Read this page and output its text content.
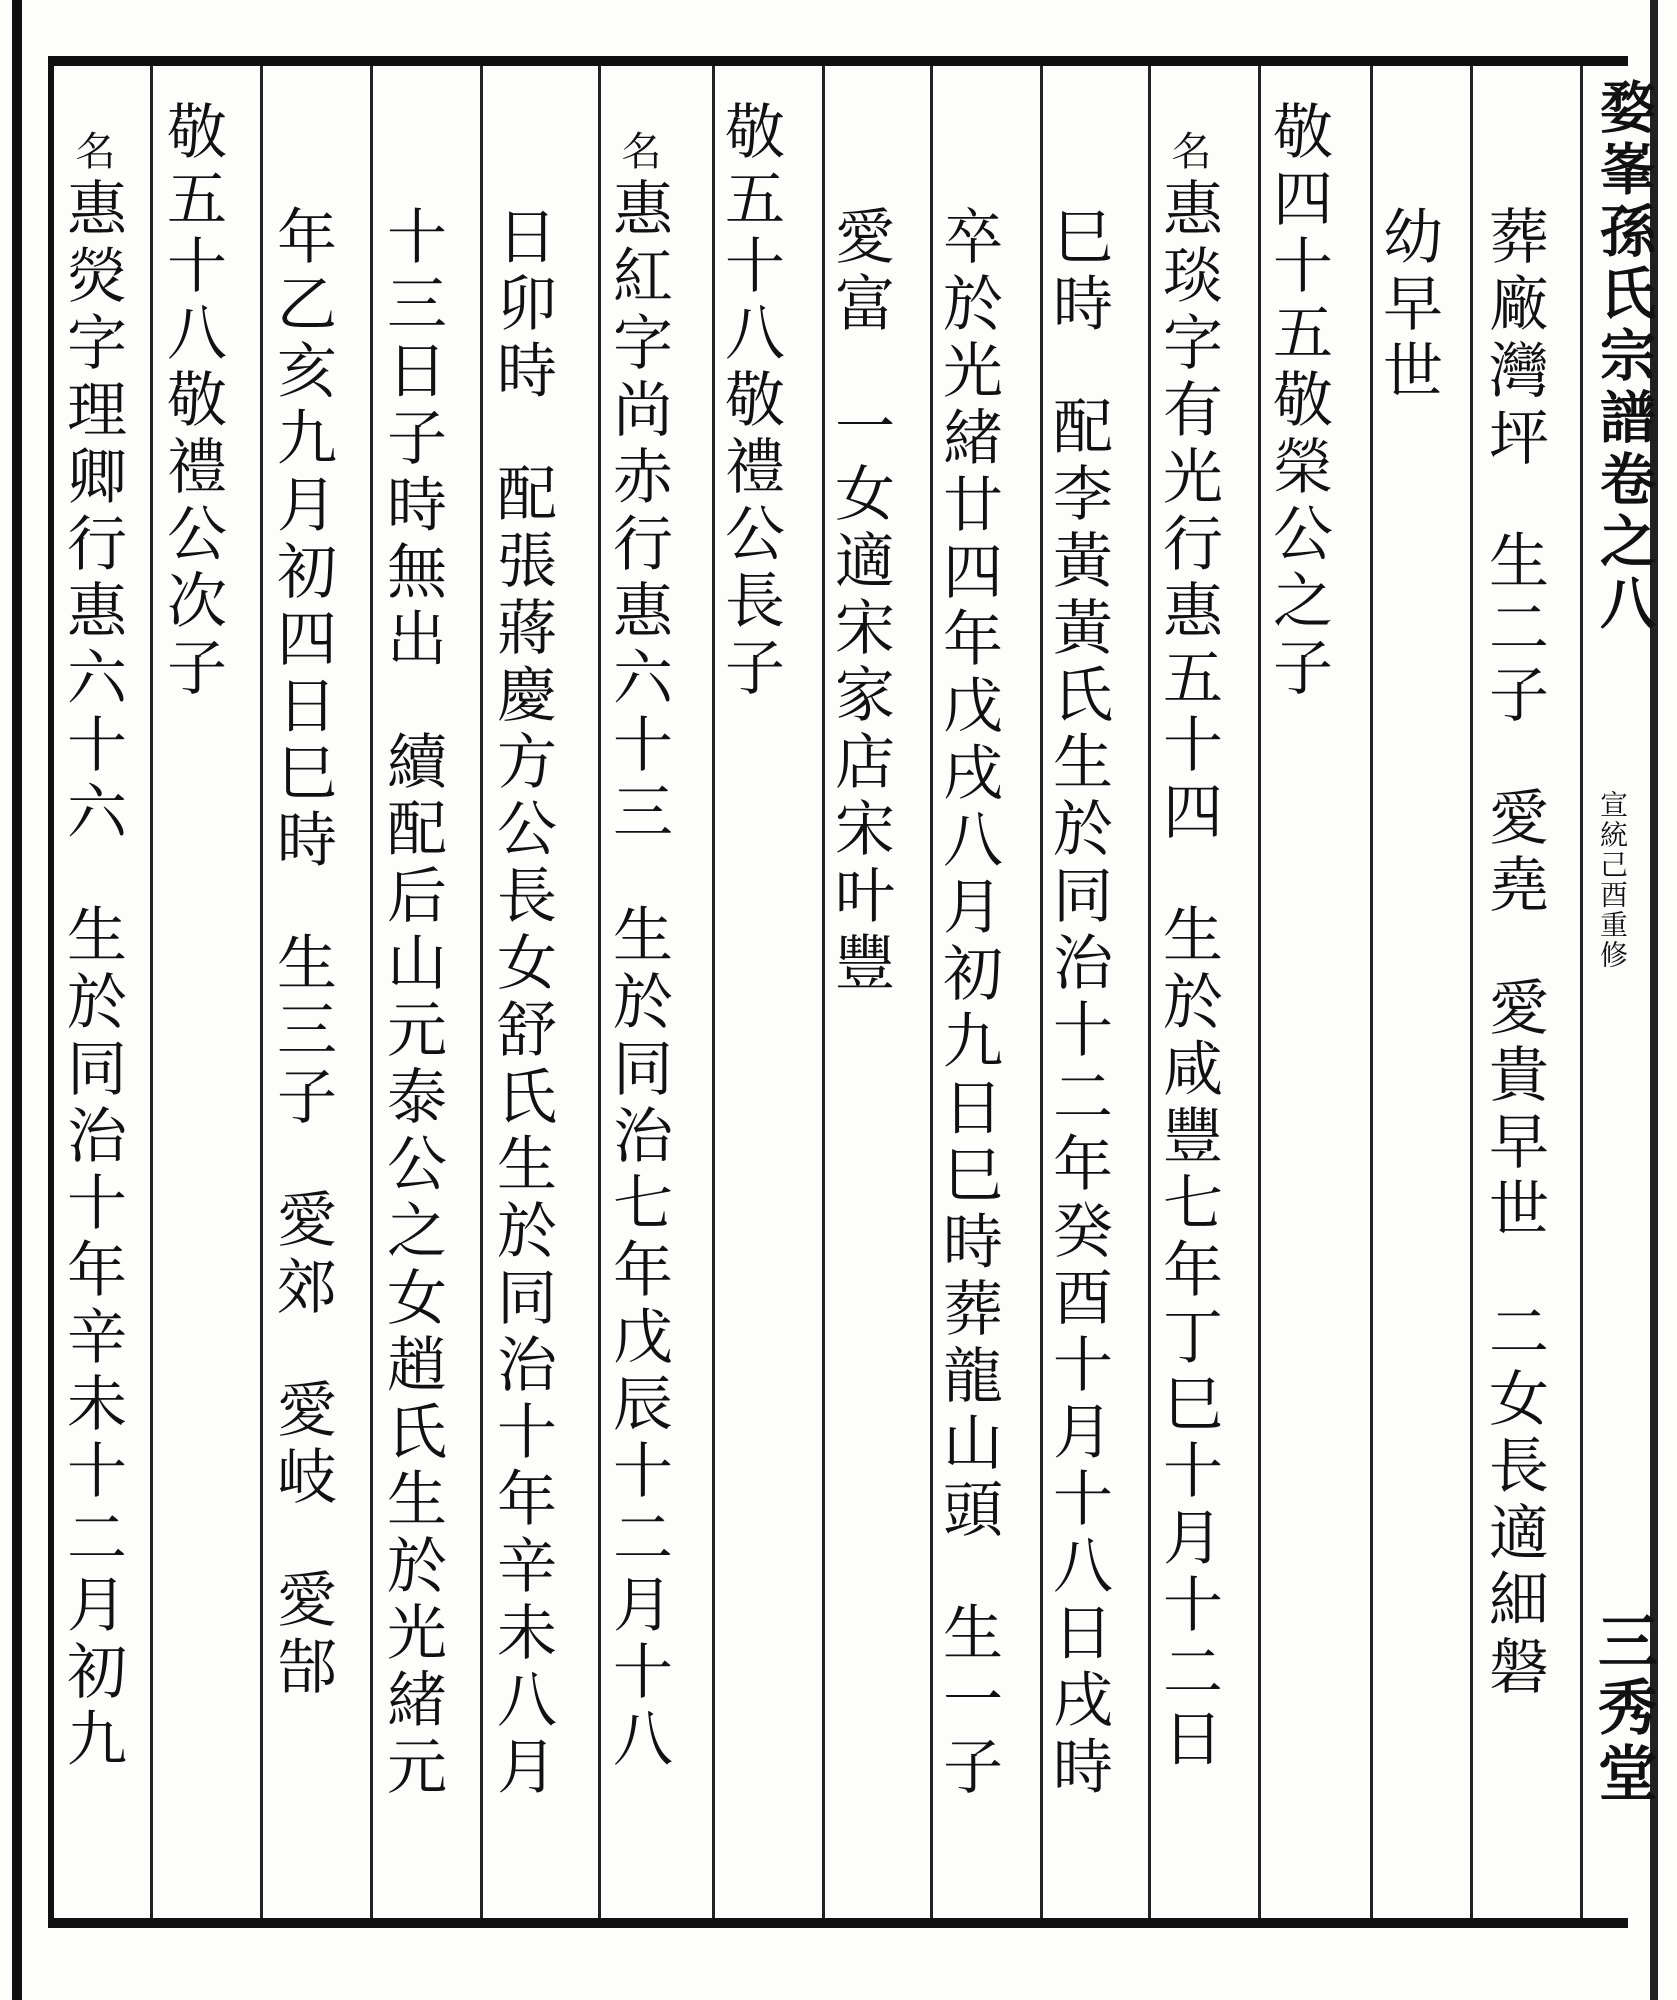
婺峯孫氏宗譜卷之八
宣統己酉重修
三秀堂
葬廠灣坪生二子愛堯愛貴早世二女長適細磐
幼早世
敬四十五敬榮公之子
名惠琰字有光行惠五十四生於咸豐七年丁巳十月十二日
巳時配李黃黃氏生於同治十二年癸酉十月十八日戌時
卒於光緒廿四年戊戌八月初九日巳時葬龍山頭生一子
愛富一女適宋家店宋叶豐
敬五十八敬禮公長子
名惠紅字尚赤行惠六十三生於同治七年戊辰十二月十八
日卯時配張蔣慶方公長女舒氏生於同治十年辛未八月
十三日子時無出續配后山元泰公之女趙氏生於光緒元
年乙亥九月初四日巳時生三子愛郊愛岐愛郜
敬五十八敬禮公次子
名惠熒字理卿行惠六十六生於同治十年辛未十二月初九
